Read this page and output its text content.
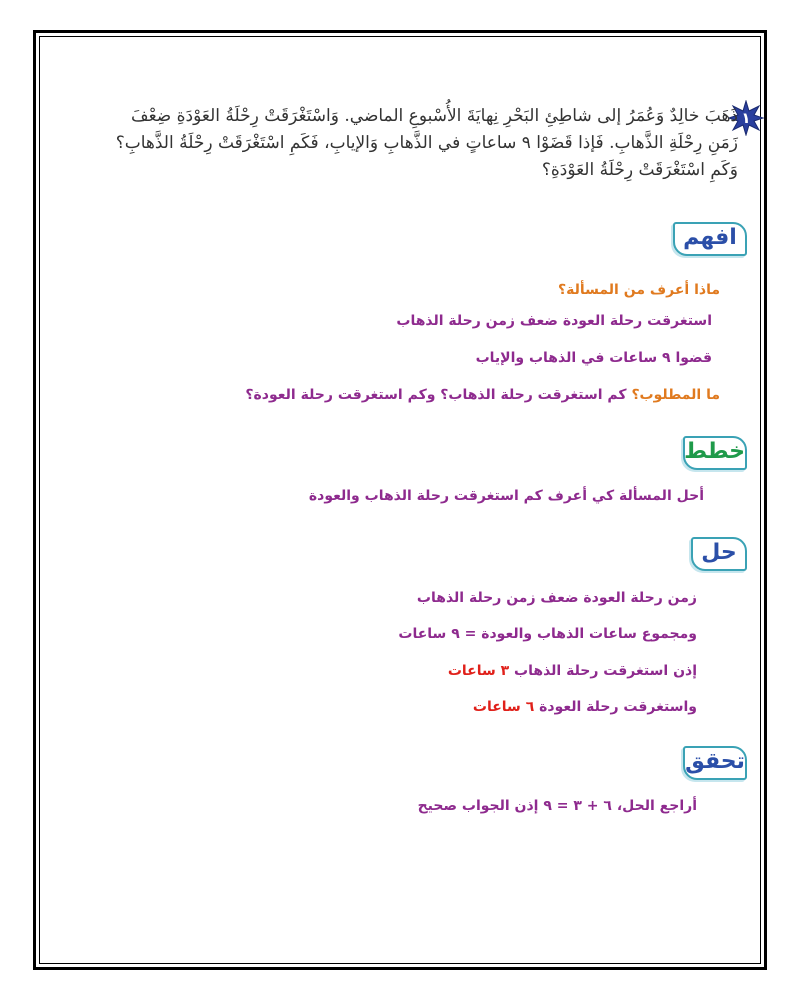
١
ذَهَبَ خالِدٌ وَعُمَرُ إلى شاطِئِ البَحْرِ نِهايَةَ الأُسْبوعِ الماضي. وَاسْتَغْرَقَتْ رِحْلَةُ العَوْدَةِ ضِعْفَ زَمَنِ رِحْلَةِ الذَّهابِ. فَإذا قَضَوْا ٩ ساعاتٍ في الذَّهابِ وَالإيابِ، فَكَمِ اسْتَغْرَقَتْ رِحْلَةُ الذَّهابِ؟ وَكَمِ اسْتَغْرَقَتْ رِحْلَةُ العَوْدَةِ؟
افهم
ماذا أعرف من المسألة؟
استغرقت رحلة العودة ضعف زمن رحلة الذهاب
قضوا ٩ ساعات في الذهاب والإياب
ما المطلوب؟ كم استغرقت رحلة الذهاب؟ وكم استغرقت رحلة العودة؟
خطط
أحل المسألة كي أعرف كم استغرقت رحلة الذهاب والعودة
حل
زمن رحلة العودة ضعف زمن رحلة الذهاب
ومجموع ساعات الذهاب والعودة = ٩ ساعات
إذن استغرقت رحلة الذهاب ٣ ساعات
واستغرقت رحلة العودة ٦ ساعات
تحقق
أراجع الحل، ٦ + ٣ = ٩ إذن الجواب صحيح
